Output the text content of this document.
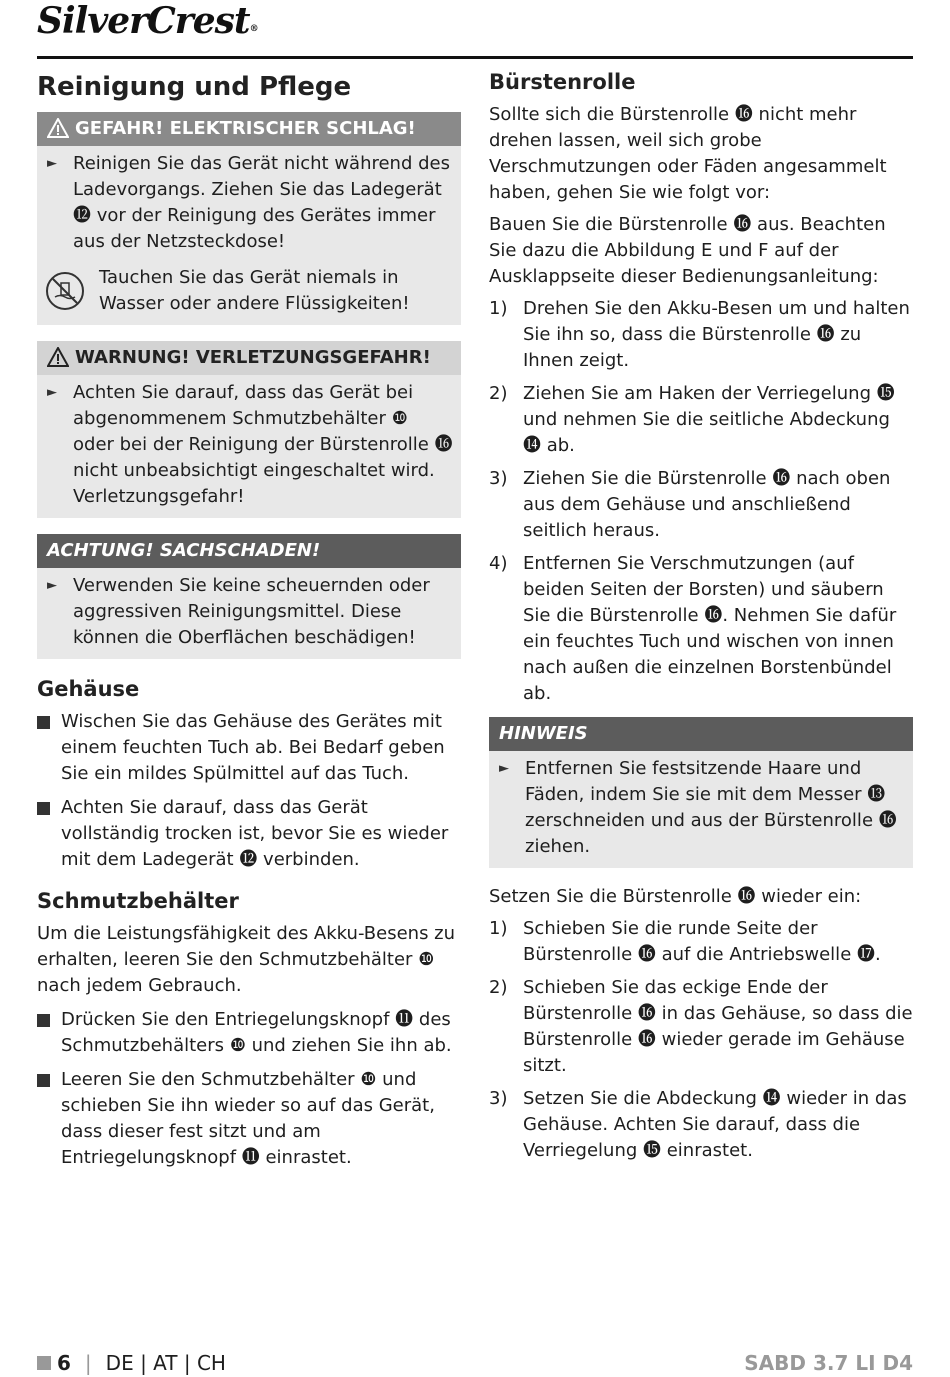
SilverCrest®
Reinigung und Pflege
GEFAHR! ELEKTRISCHER SCHLAG!
► Reinigen Sie das Gerät nicht während des Ladevorgangs. Ziehen Sie das Ladegerät ⓬ vor der Reinigung des Gerätes immer aus der Netzsteckdose!
Tauchen Sie das Gerät niemals in Wasser oder andere Flüssigkeiten!
WARNUNG! VERLETZUNGSGEFAHR!
► Achten Sie darauf, dass das Gerät bei abgenommenem Schmutzbehälter ❿ oder bei der Reinigung der Bürstenrolle ⓰ nicht unbeabsichtigt eingeschaltet wird. Verletzungsgefahr!
ACHTUNG! SACHSCHADEN!
► Verwenden Sie keine scheuernden oder aggressiven Reinigungsmittel. Diese können die Oberflächen beschädigen!
Gehäuse
Wischen Sie das Gehäuse des Gerätes mit einem feuchten Tuch ab. Bei Bedarf geben Sie ein mildes Spülmittel auf das Tuch.
Achten Sie darauf, dass das Gerät vollständig trocken ist, bevor Sie es wieder mit dem Ladegerät ⓬ verbinden.
Schmutzbehälter

Um die Leistungsfähigkeit des Akku-Besens zu erhalten, leeren Sie den Schmutzbehälter ❿ nach jedem Gebrauch.

Drücken Sie den Entriegelungsknopf ⓫ des Schmutzbehälters ❿ und ziehen Sie ihn ab.
Leeren Sie den Schmutzbehälter ❿ und schieben Sie ihn wieder so auf das Gerät, dass dieser fest sitzt und am Entriegelungsknopf ⓫ einrastet.
Bürstenrolle

Sollte sich die Bürstenrolle ⓰ nicht mehr drehen lassen, weil sich grobe Verschmutzungen oder Fäden angesammelt haben, gehen Sie wie folgt vor:

Bauen Sie die Bürstenrolle ⓰ aus. Beachten Sie dazu die Abbildung E und F auf der Ausklappseite dieser Bedienungsanleitung:

1) Drehen Sie den Akku-Besen um und halten Sie ihn so, dass die Bürstenrolle ⓰ zu Ihnen zeigt.
2) Ziehen Sie am Haken der Verriegelung ⓯ und nehmen Sie die seitliche Abdeckung ⓮ ab.
3) Ziehen Sie die Bürstenrolle ⓰ nach oben aus dem Gehäuse und anschließend seitlich heraus.
4) Entfernen Sie Verschmutzungen (auf beiden Seiten der Borsten) und säubern Sie die Bürstenrolle ⓰. Nehmen Sie dafür ein feuchtes Tuch und wischen von innen nach außen die einzelnen Borstenbündel ab.
HINWEIS
► Entfernen Sie festsitzende Haare und Fäden, indem Sie sie mit dem Messer ⓭ zerschneiden und aus der Bürstenrolle ⓰ ziehen.

Setzen Sie die Bürstenrolle ⓰ wieder ein:

1) Schieben Sie die runde Seite der Bürstenrolle ⓰ auf die Antriebswelle ⓱.
2) Schieben Sie das eckige Ende der Bürstenrolle ⓰ in das Gehäuse, so dass die Bürstenrolle ⓰ wieder gerade im Gehäuse sitzt.
3) Setzen Sie die Abdeckung ⓮ wieder in das Gehäuse. Achten Sie darauf, dass die Verriegelung ⓯ einrastet.
6 | DE | AT | CH	SABD 3.7 LI D4
